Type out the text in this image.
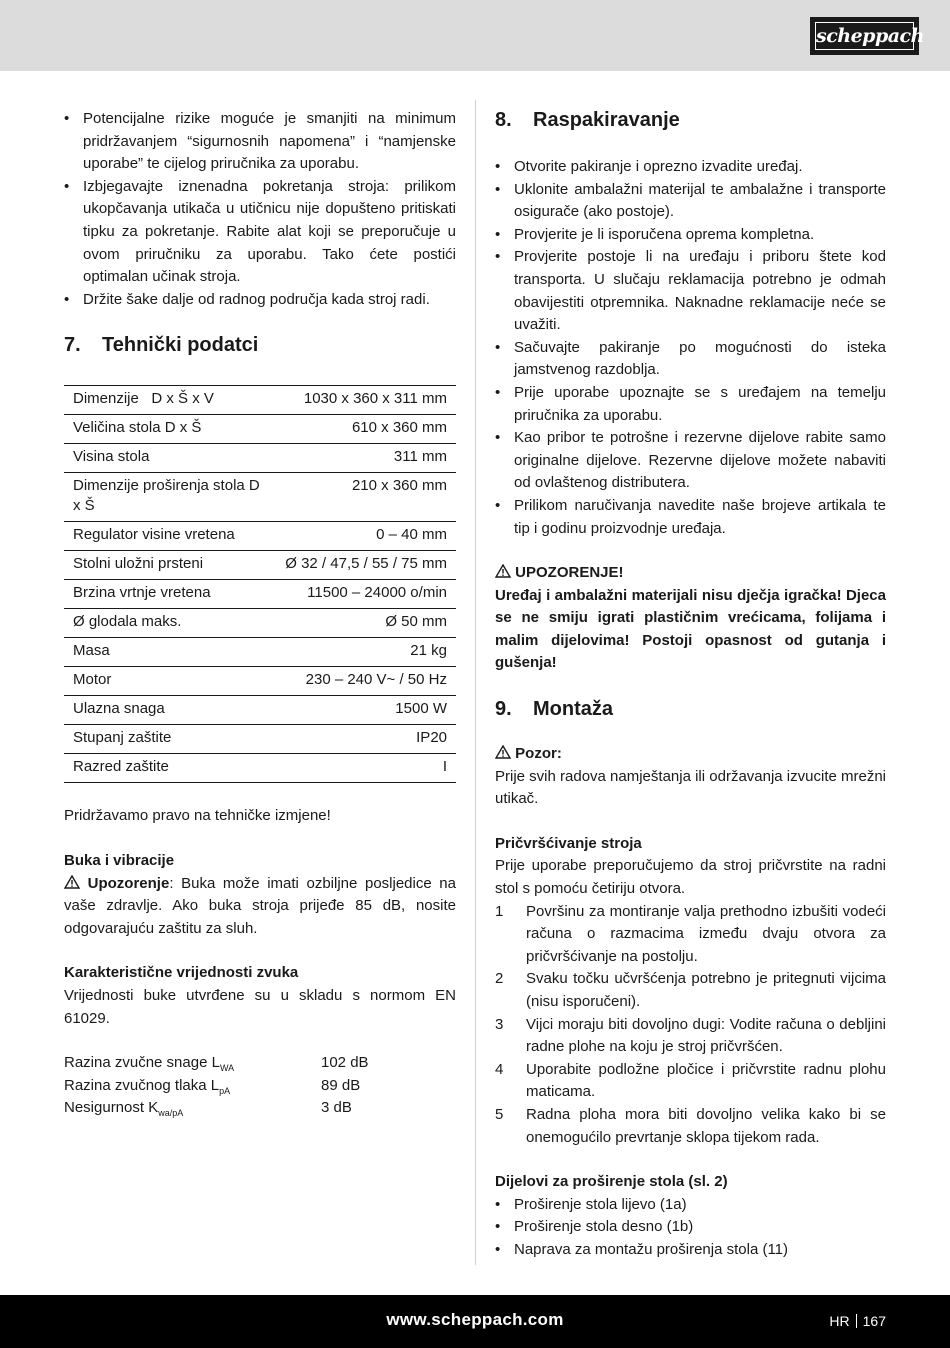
scheppach
• Potencijalne rizike moguće je smanjiti na minimum pridržavanjem “sigurnosnih napomena” i “namjenske uporabe” te cijelog priručnika za uporabu.
• Izbjegavajte iznenadna pokretanja stroja: prilikom ukopčavanja utikača u utičnicu nije dopušteno pritiskati tipku za pokretanje. Rabite alat koji se preporučuje u ovom priručniku za uporabu. Tako ćete postići optimalan učinak stroja.
• Držite šake dalje od radnog područja kada stroj radi.
7.	Tehnički podatci
Dimenzije   D x Š x V	1030 x 360 x 311 mm
Veličina stola D x Š	610 x 360 mm
Visina stola	311 mm
Dimenzije proširenja stola D x Š	210 x 360 mm
Regulator visine vretena	0 – 40 mm
Stolni uložni prsteni	Ø 32 / 47,5 / 55 / 75 mm
Brzina vrtnje vretena	11500 – 24000 o/min
Ø glodala maks.	Ø 50 mm
Masa	21 kg
Motor	230 – 240 V~ / 50 Hz
Ulazna snaga	1500 W
Stupanj zaštite	IP20
Razred zaštite	I

Pridržavamo pravo na tehničke izmjene!

Buka i vibracije

Upozorenje: Buka može imati ozbiljne posljedice na vaše zdravlje. Ako buka stroja prijeđe 85 dB, nosite odgovarajuću zaštitu za sluh.

Karakteristične vrijednosti zvuka

Vrijednosti buke utvrđene su u skladu s normom EN 61029.

Razina zvučne snage $L_{WA}$	102 dB
Razina zvučnog tlaka $L_{pA}$	89 dB
Nesigurnost $K_{wa/pA}$	3 dB
8.	Raspakiravanje
• Otvorite pakiranje i oprezno izvadite uređaj.
• Uklonite ambalažni materijal te ambalažne i transporte osigurače (ako postoje).
• Provjerite je li isporučena oprema kompletna.
• Provjerite postoje li na uređaju i priboru štete kod transporta. U slučaju reklamacija potrebno je odmah obavijestiti otpremnika. Naknadne reklamacije neće se uvažiti.
• Sačuvajte pakiranje po mogućnosti do isteka jamstvenog razdoblja.
• Prije uporabe upoznajte se s uređajem na temelju priručnika za uporabu.
• Kao pribor te potrošne i rezervne dijelove rabite samo originalne dijelove. Rezervne dijelove možete nabaviti od ovlaštenog distributera.
• Prilikom naručivanja navedite naše brojeve artikala te tip i godinu proizvodnje uređaja.

UPOZORENJE!

Uređaj i ambalažni materijali nisu dječja igračka! Djeca se ne smiju igrati plastičnim vrećicama, folijama i malim dijelovima! Postoji opasnost od gutanja i gušenja!

9.	Montaža

Pozor:

Prije svih radova namještanja ili održavanja izvucite mrežni utikač.

Pričvršćivanje stroja

Prije uporabe preporučujemo da stroj pričvrstite na radni stol s pomoću četiriju otvora.

1 Površinu za montiranje valja prethodno izbušiti vodeći računa o razmacima između dvaju otvora za pričvršćivanje na postolju.
2 Svaku točku učvršćenja potrebno je pritegnuti vijcima (nisu isporučeni).
3 Vijci moraju biti dovoljno dugi: Vodite računa o debljini radne plohe na koju je stroj pričvršćen.
4 Uporabite podložne pločice i pričvrstite radnu plohu maticama.
5 Radna ploha mora biti dovoljno velika kako bi se onemogućilo prevrtanje sklopa tijekom rada.

Dijelovi za proširenje stola (sl. 2)

• Proširenje stola lijevo (1a)
• Proširenje stola desno (1b)
• Naprava za montažu proširenja stola (11)
www.scheppach.com	HR 167
